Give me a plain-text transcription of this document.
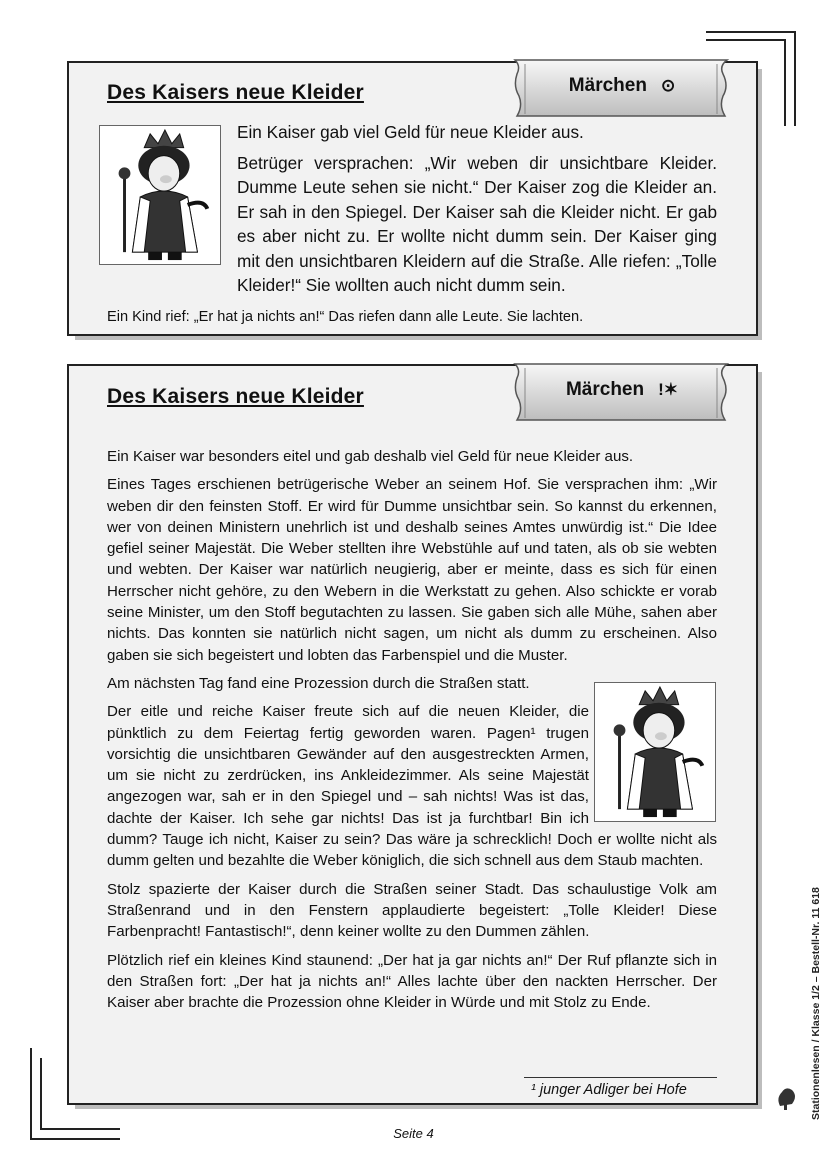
Des Kaisers neue Kleider
Ein Kaiser gab viel Geld für neue Kleider aus.
Betrüger versprachen: „Wir weben dir unsichtbare Kleider. Dumme Leute sehen sie nicht.“ Der Kaiser zog die Kleider an. Er sah in den Spiegel. Der Kaiser sah die Kleider nicht. Er gab es aber nicht zu. Er wollte nicht dumm sein. Der Kaiser ging mit den unsichtbaren Kleidern auf die Straße. Alle riefen: „Tolle Kleider!“ Sie wollten auch nicht dumm sein.
Ein Kind rief: „Er hat ja nichts an!“ Das riefen dann alle Leute. Sie lachten.
Märchen ⊙
Des Kaisers neue Kleider

Ein Kaiser war besonders eitel und gab deshalb viel Geld für neue Kleider aus.

Eines Tages erschienen betrügerische Weber an seinem Hof. Sie versprachen ihm: „Wir weben dir den feinsten Stoff. Er wird für Dumme unsichtbar sein. So kannst du erkennen, wer von deinen Ministern unehrlich ist und deshalb seines Amtes unwürdig ist.“ Die Idee gefiel seiner Majestät. Die Weber stellten ihre Webstühle auf und taten, als ob sie webten und webten. Der Kaiser war natürlich neugierig, aber er meinte, dass es sich für einen Herrscher nicht gehöre, zu den Webern in die Werkstatt zu gehen. Also schickte er vorab seine Minister, um den Stoff begutachten zu lassen. Sie gaben sich alle Mühe, sahen aber nichts. Das konnten sie natürlich nicht sagen, um nicht als dumm zu erscheinen. Also gaben sie sich begeistert und lobten das Farbenspiel und die Muster.

Am nächsten Tag fand eine Prozession durch die Straßen statt.

Der eitle und reiche Kaiser freute sich auf die neuen Kleider, die pünktlich zu dem Feiertag fertig geworden waren. Pagen¹ trugen vorsichtig die unsichtbaren Gewänder auf den ausgestreckten Armen, um sie nicht zu zerdrücken, ins Ankleidezimmer. Als seine Majestät angezogen war, sah er in den Spiegel und – sah nichts! Was ist das, dachte der Kaiser. Ich sehe gar nichts! Das ist ja furchtbar! Bin ich dumm? Tauge ich nicht, Kaiser zu sein? Das wäre ja schrecklich! Doch er wollte nicht als dumm gelten und bezahlte die Weber königlich, die sich schnell aus dem Staub machten.

Stolz spazierte der Kaiser durch die Straßen seiner Stadt. Das schaulustige Volk am Straßenrand und in den Fenstern applaudierte begeistert: „Tolle Kleider! Diese Farbenpracht! Fantastisch!“, denn keiner wollte zu den Dummen zählen.

Plötzlich rief ein kleines Kind staunend: „Der hat ja gar nichts an!“ Der Ruf pflanzte sich in den Straßen fort: „Der hat ja nichts an!“ Alles lachte über den nackten Herrscher. Der Kaiser aber brachte die Prozession ohne Kleider in Würde und mit Stolz zu Ende.

¹ junger Adliger bei Hofe
Märchen !✶
Stationenlesen / Klasse 1/2 – Bestell-Nr. 11 618
Seite 4
